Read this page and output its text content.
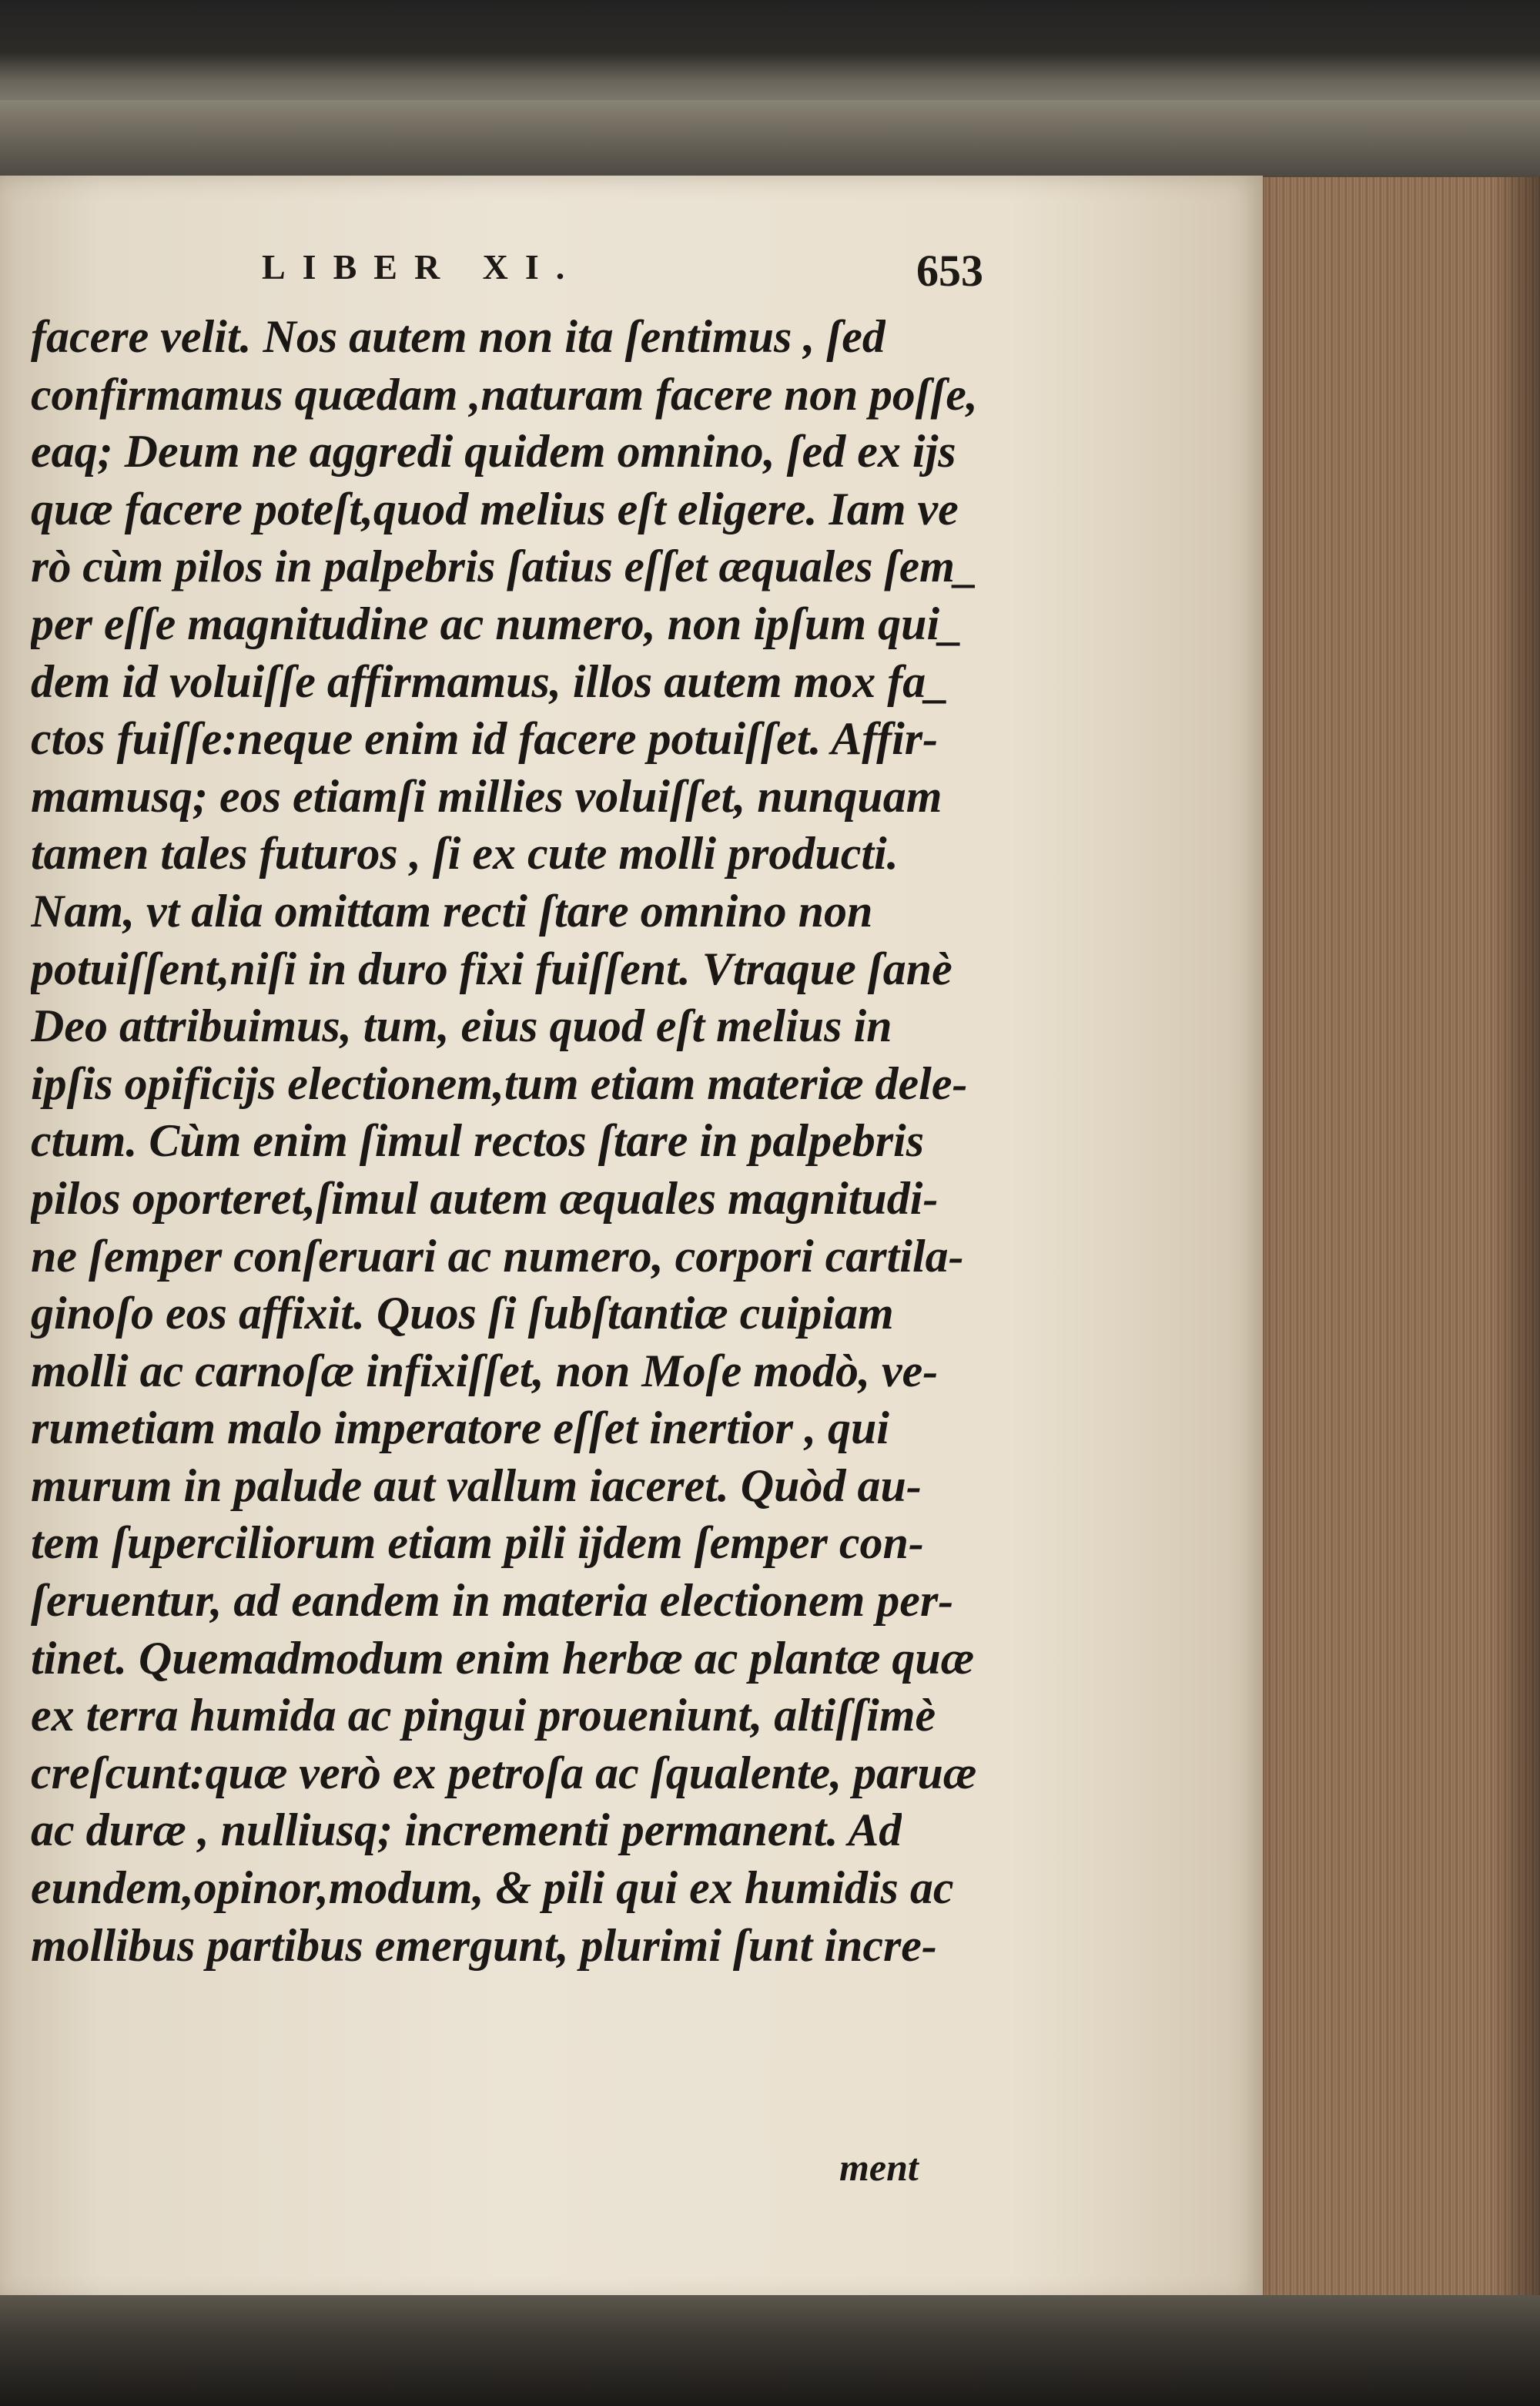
LIBER XI.	653
facere velit. Nos autem non ita ſentimus , ſed
confirmamus quædam ,naturam facere non poſſe,
eaq; Deum ne aggredi quidem omnino, ſed ex ijs
quæ facere poteſt,quod melius eſt eligere. Iam ve
rò cùm pilos in palpebris ſatius eſſet æquales ſem_
per eſſe magnitudine ac numero, non ipſum qui_
dem id voluiſſe affirmamus, illos autem mox fa_
ctos fuiſſe:neque enim id facere potuiſſet. Affir-
mamusq; eos etiamſi millies voluiſſet, nunquam
tamen tales futuros , ſi ex cute molli producti.
Nam, vt alia omittam recti ſtare omnino non
potuiſſent,niſi in duro fixi fuiſſent. Vtraque ſanè
Deo attribuimus, tum, eius quod eſt melius in
ipſis opificijs electionem,tum etiam materiæ dele-
ctum. Cùm enim ſimul rectos ſtare in palpebris
pilos oporteret,ſimul autem æquales magnitudi-
ne ſemper conſeruari ac numero, corpori cartila-
ginoſo eos affixit. Quos ſi ſubſtantiæ cuipiam
molli ac carnoſæ infixiſſet, non Moſe modò, ve-
rumetiam malo imperatore eſſet inertior , qui
murum in palude aut vallum iaceret. Quòd au-
tem ſuperciliorum etiam pili ijdem ſemper con-
ſeruentur, ad eandem in materia electionem per-
tinet. Quemadmodum enim herbæ ac plantæ quæ
ex terra humida ac pingui proueniunt, altiſſimè
creſcunt:quæ verò ex petroſa ac ſqualente, paruæ
ac duræ , nulliusq; incrementi permanent. Ad
eundem,opinor,modum, & pili qui ex humidis ac
mollibus partibus emergunt, plurimi ſunt incre-
ment
